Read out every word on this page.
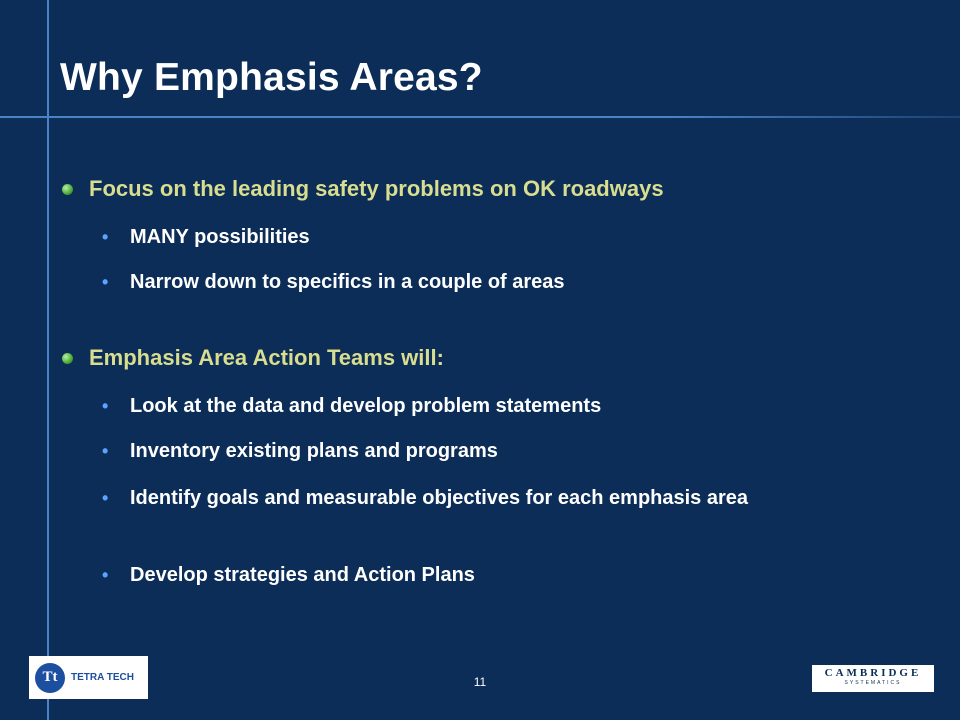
Why Emphasis Areas?
Focus on the leading safety problems on OK roadways
•	MANY possibilities
•	Narrow down to specifics in a couple of areas
Emphasis Area Action Teams will:
•	Look at the data and develop problem statements
•	Inventory existing plans and programs
•	Identify goals and measurable objectives for each emphasis area
•	Develop strategies and Action Plans
Tt	TETRA TECH	11
CAMBRIDGE
SYSTEMATICS
